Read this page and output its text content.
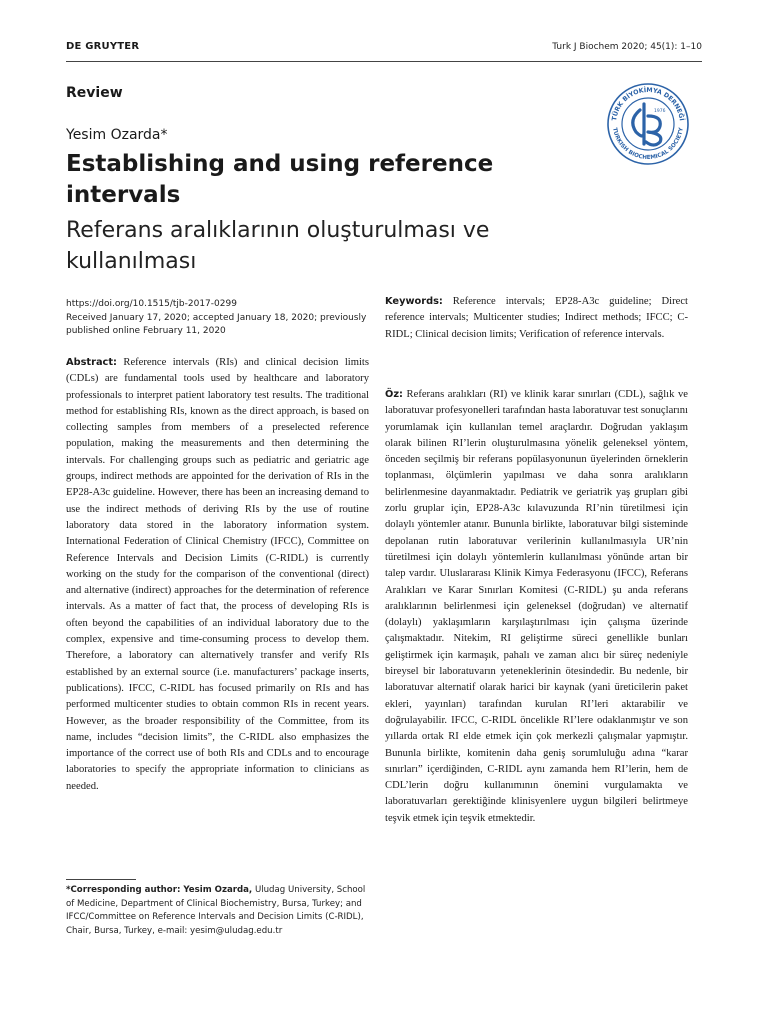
DE GRUYTER	Turk J Biochem 2020; 45(1): 1–10
Review
TÜRK BİYOKİMYA DERNEĞİ
TURKISH BIOCHEMICAL SOCIETY
1976
Yesim Ozarda*
Establishing and using reference intervals
Referans aralıklarının oluşturulması ve kullanılması
https://doi.org/10.1515/tjb-2017-0299
Received January 17, 2020; accepted January 18, 2020; previously published online February 11, 2020
Abstract: Reference intervals (RIs) and clinical decision limits (CDLs) are fundamental tools used by healthcare and laboratory professionals to interpret patient laboratory test results. The traditional method for establishing RIs, known as the direct approach, is based on collecting samples from members of a preselected reference population, making the measurements and then determining the intervals. For challenging groups such as pediatric and geriatric age groups, indirect methods are appointed for the derivation of RIs in the EP28-A3c guideline. However, there has been an increasing demand to use the indirect methods of deriving RIs by the use of routine laboratory data stored in the laboratory information system. International Federation of Clinical Chemistry (IFCC), Committee on Reference Intervals and Decision Limits (C-RIDL) is currently working on the study for the comparison of the conventional (direct) and alternative (indirect) approaches for the determination of reference intervals. As a matter of fact that, the process of developing RIs is often beyond the capabilities of an individual laboratory due to the complex, expensive and time-consuming process to develop them. Therefore, a laboratory can alternatively transfer and verify RIs established by an external source (i.e. manufacturers’ package inserts, publications). IFCC, C-RIDL has focused primarily on RIs and has performed multicenter studies to obtain common RIs in recent years. However, as the broader responsibility of the Committee, from its name, includes “decision limits”, the C-RIDL also emphasizes the importance of the correct use of both RIs and CDLs and to encourage laboratories to specify the appropriate information to clinicians as needed.
Keywords: Reference intervals; EP28-A3c guideline; Direct reference intervals; Multicenter studies; Indirect methods; IFCC; C-RIDL; Clinical decision limits; Verification of reference intervals.
Öz: Referans aralıkları (RI) ve klinik karar sınırları (CDL), sağlık ve laboratuvar profesyonelleri tarafından hasta laboratuvar test sonuçlarını yorumlamak için kullanılan temel araçlardır. Doğrudan yaklaşım olarak bilinen RI’lerin oluşturulmasına yönelik geleneksel yöntem, önceden seçilmiş bir referans popülasyonunun üyelerinden örneklerin toplanması, ölçümlerin yapılması ve daha sonra aralıkların belirlenmesine dayanmaktadır. Pediatrik ve geriatrik yaş grupları gibi zorlu gruplar için, EP28-A3c kılavuzunda RI’nin türetilmesi için dolaylı yöntemler atanır. Bununla birlikte, laboratuvar bilgi sisteminde depolanan rutin laboratuvar verilerinin kullanılmasıyla UR’nin türetilmesi için dolaylı yöntemlerin kullanılması yönünde artan bir talep vardır. Uluslararası Klinik Kimya Federasyonu (IFCC), Referans Aralıkları ve Karar Sınırları Komitesi (C-RIDL) şu anda referans aralıklarının belirlenmesi için geleneksel (doğrudan) ve alternatif (dolaylı) yaklaşımların karşılaştırılması için çalışma üzerinde çalışmaktadır. Nitekim, RI geliştirme süreci genellikle bunları geliştirmek için karmaşık, pahalı ve zaman alıcı bir süreç nedeniyle bireysel bir laboratuvarın yeteneklerinin ötesindedir. Bu nedenle, bir laboratuvar alternatif olarak harici bir kaynak (yani üreticilerin paket ekleri, yayınları) tarafından kurulan RI’leri aktarabilir ve doğrulayabilir. IFCC, C-RIDL öncelikle RI’lere odaklanmıştır ve son yıllarda ortak RI elde etmek için çok merkezli çalışmalar yapmıştır. Bununla birlikte, komitenin daha geniş sorumluluğu adına “karar sınırları” içerdiğinden, C-RIDL aynı zamanda hem RI’lerin, hem de CDL’lerin doğru kullanımının önemini vurgulamakta ve laboratuvarları gerektiğinde klinisyenlere uygun bilgileri belirtmeye teşvik etmek için teşvik etmektedir.
*Corresponding author: Yesim Ozarda, Uludag University, School of Medicine, Department of Clinical Biochemistry, Bursa, Turkey; and IFCC/Committee on Reference Intervals and Decision Limits (C-RIDL), Chair, Bursa, Turkey, e-mail: yesim@uludag.edu.tr
